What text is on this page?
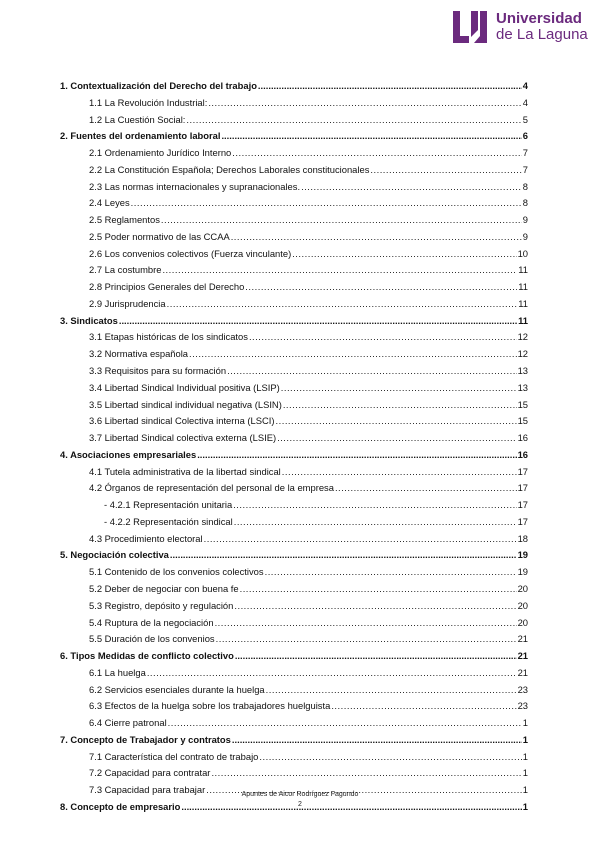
Universidad
de La Laguna
1. Contextualización del Derecho del trabajo .....	4
1.1 La Revolución Industrial: .....	4
1.2 La Cuestión Social: .....	5
2. Fuentes del ordenamiento laboral .....	6
2.1 Ordenamiento Jurídico Interno .....	7
2.2 La Constitución Española; Derechos Laborales constitucionales .....	7
2.3 Las normas internacionales y supranacionales. .....	8
2.4 Leyes .....	8
2.5 Reglamentos .....	9
2.5 Poder normativo de las CCAA .....	9
2.6 Los convenios colectivos (Fuerza vinculante) .....	10
2.7 La costumbre .....	11
2.8 Principios Generales del Derecho .....	11
2.9 Jurisprudencia .....	11
3. Sindicatos .....	11
3.1 Etapas históricas de los sindicatos .....	12
3.2 Normativa española .....	12
3.3 Requisitos para su formación .....	13
3.4 Libertad Sindical Individual positiva (LSIP) .....	13
3.5 Libertad sindical individual negativa (LSIN) .....	15
3.6 Libertad sindical Colectiva interna (LSCI) .....	15
3.7 Libertad Sindical colectiva externa (LSIE) .....	16
4. Asociaciones empresariales .....	16
4.1 Tutela administrativa de la libertad sindical .....	17
4.2 Órganos de representación del personal de la empresa .....	17
- 4.2.1 Representación unitaria .....	17
- 4.2.2 Representación sindical .....	17
4.3 Procedimiento electoral .....	18
5. Negociación colectiva .....	19
5.1 Contenido de los convenios colectivos .....	19
5.2 Deber de negociar con buena fe .....	20
5.3 Registro, depósito y regulación .....	20
5.4 Ruptura de la negociación .....	20
5.5 Duración de los convenios .....	21
6. Tipos Medidas de conflicto colectivo .....	21
6.1 La huelga .....	21
6.2 Servicios esenciales durante la huelga .....	23
6.3 Efectos de la huelga sobre los trabajadores huelguista .....	23
6.4 Cierre patronal .....	1
7. Concepto de Trabajador y contratos .....	1
7.1 Característica del contrato de trabajo .....	1
7.2 Capacidad para contratar .....	1
7.3 Capacidad para trabajar .....	1
8. Concepto de empresario .....	1
Apuntes de Aicor Rodríguez Fagundo
2
